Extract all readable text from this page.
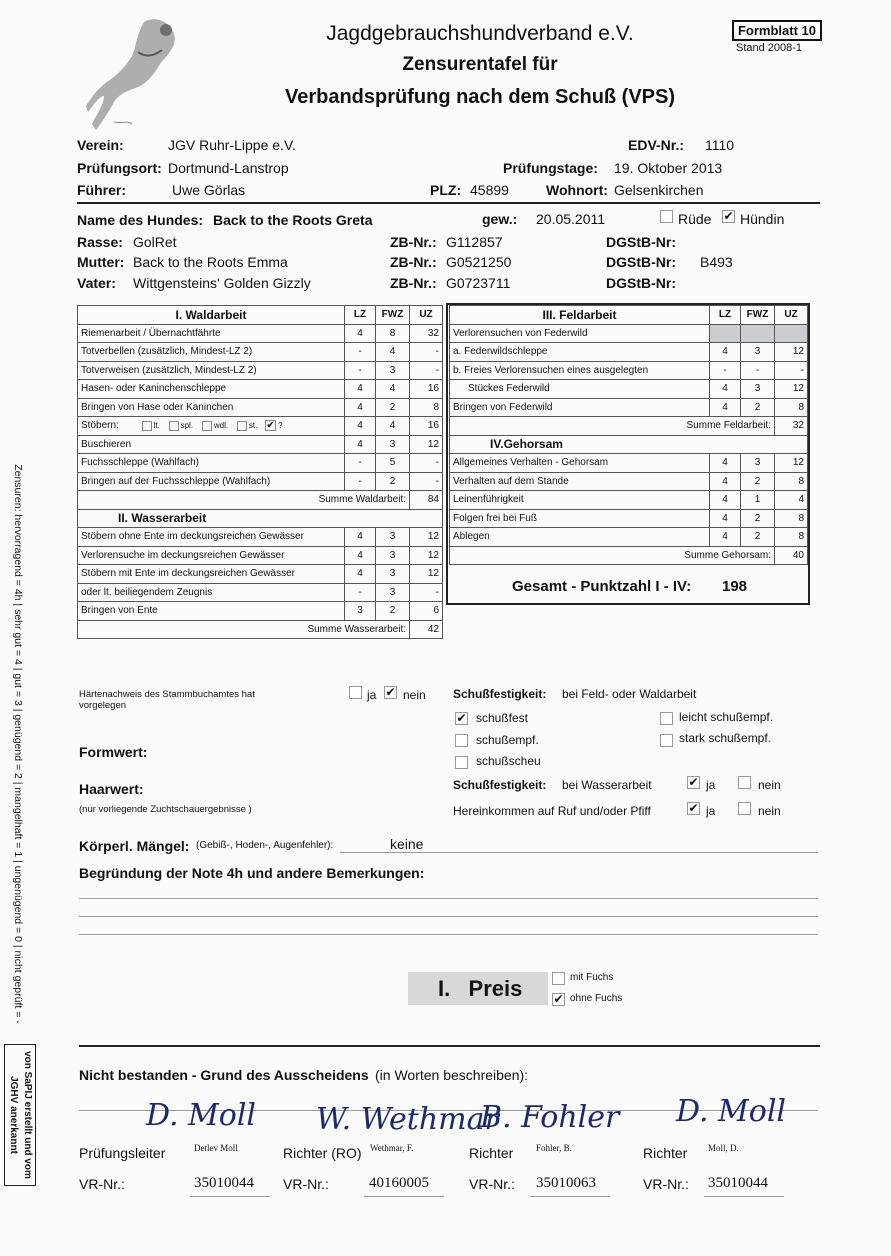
Jagdgebrauchshundverband e.V.
Zensurentafel für
Verbandsprüfung nach dem Schuß (VPS)
Formblatt 10
Stand 2008-1
Verein:	JGV Ruhr-Lippe e.V.	EDV-Nr.: 1110
Prüfungsort: Dortmund-Lanstrop	Prüfungstage: 19. Oktober 2013
Führer:	Uwe Görlas	PLZ: 45899	Wohnort: Gelsenkirchen
Name des Hundes: Back to the Roots Greta	gew.: 20.05.2011	Rüde ✔ Hündin
Rasse: GolRet	ZB-Nr.: G112857	DGStB-Nr:
Mutter: Back to the Roots Emma	ZB-Nr.: G0521250	DGStB-Nr: B493
Vater: Wittgensteins' Golden Gizzly	ZB-Nr.: G0723711	DGStB-Nr:
I. Waldarbeit	LZ	FWZ	UZ
Riemenarbeit / Übernachtfährte	4	8	32
Totverbellen (zusätzlich, Mindest-LZ 2)	-	4	-
Totverweisen (zusätzlich, Mindest-LZ 2)	-	3	-
Hasen- oder Kaninchenschleppe	4	4	16
Bringen von Hase oder Kaninchen	4	2	8
Stöbern: lt. spl. wdl. st. ✔ ?	4	4	16
Buschieren	4	3	12
Fuchsschleppe (Wahlfach)	-	5	-
Bringen auf der Fuchsschleppe (Wahlfach)	-	2	-
Summe Waldarbeit:			84
II. Wasserarbeit			
Stöbern ohne Ente im deckungsreichen Gewässer	4	3	12
Verlorensuche im deckungsreichen Gewässer	4	3	12
Stöbern mit Ente im deckungsreichen Gewässer	4	3	12
oder lt. beiliegendem Zeugnis	-	3	-
Bringen von Ente	3	2	6
Summe Wasserarbeit:			42
III. Feldarbeit	LZ	FWZ	UZ
Verlorensuchen von Federwild			
a. Federwildschleppe	4	3	12
b. Freies Verlorensuchen eines ausgelegten	-	-	-
Stückes Federwild	4	3	12
Bringen von Federwild	4	2	8
Summe Feldarbeit:			32
IV.Gehorsam			
Allgemeines Verhalten - Gehorsam	4	3	12
Verhalten auf dem Stande	4	2	8
Leinenführigkeit	4	1	4
Folgen frei bei Fuß	4	2	8
Ablegen	4	2	8
Summe Gehorsam:			40
Gesamt - Punktzahl I - IV: 198
Härtenachweis des Stammbuchamtes hat vorgelegen
ja ✔ nein Schußfestigkeit: bei Feld- oder Waldarbeit
✔ schußfest	leicht schußempf.
schußempf.	stark schußempf.
schußscheu
Schußfestigkeit: bei Wasserarbeit	✔ ja	nein
Hereinkommen auf Ruf und/oder Pfiff	✔ ja	nein
Formwert:
Haarwert:
(nur vorliegende Zuchtschauergebnisse )
Körperl. Mängel: (Gebiß-, Hoden-, Augenfehler):	keine
Begründung der Note 4h und andere Bemerkungen:
I.   Preis	mit Fuchs
✔ ohne Fuchs
Nicht bestanden - Grund des Ausscheidens (in Worten beschreiben):
D. Moll W. Wethmar
B. Fohler D. Moll
Prüfungsleiter	Detlev Moll	Richter (RO) Wethmar, F.	Richter	Fohler, B.	Richter Moll, D.
VR-Nr.:	35010044 VR-Nr.:	40160005	VR-Nr.: 35010063	VR-Nr.: 35010044
Zensuren: hervorragend = 4h | sehr gut = 4 | gut = 3 | genügend = 2 | mangelhaft = 1 | ungenügend = 0 | nicht geprüft = -
von SaPIJ erstellt und vom JGHV anerkannt
